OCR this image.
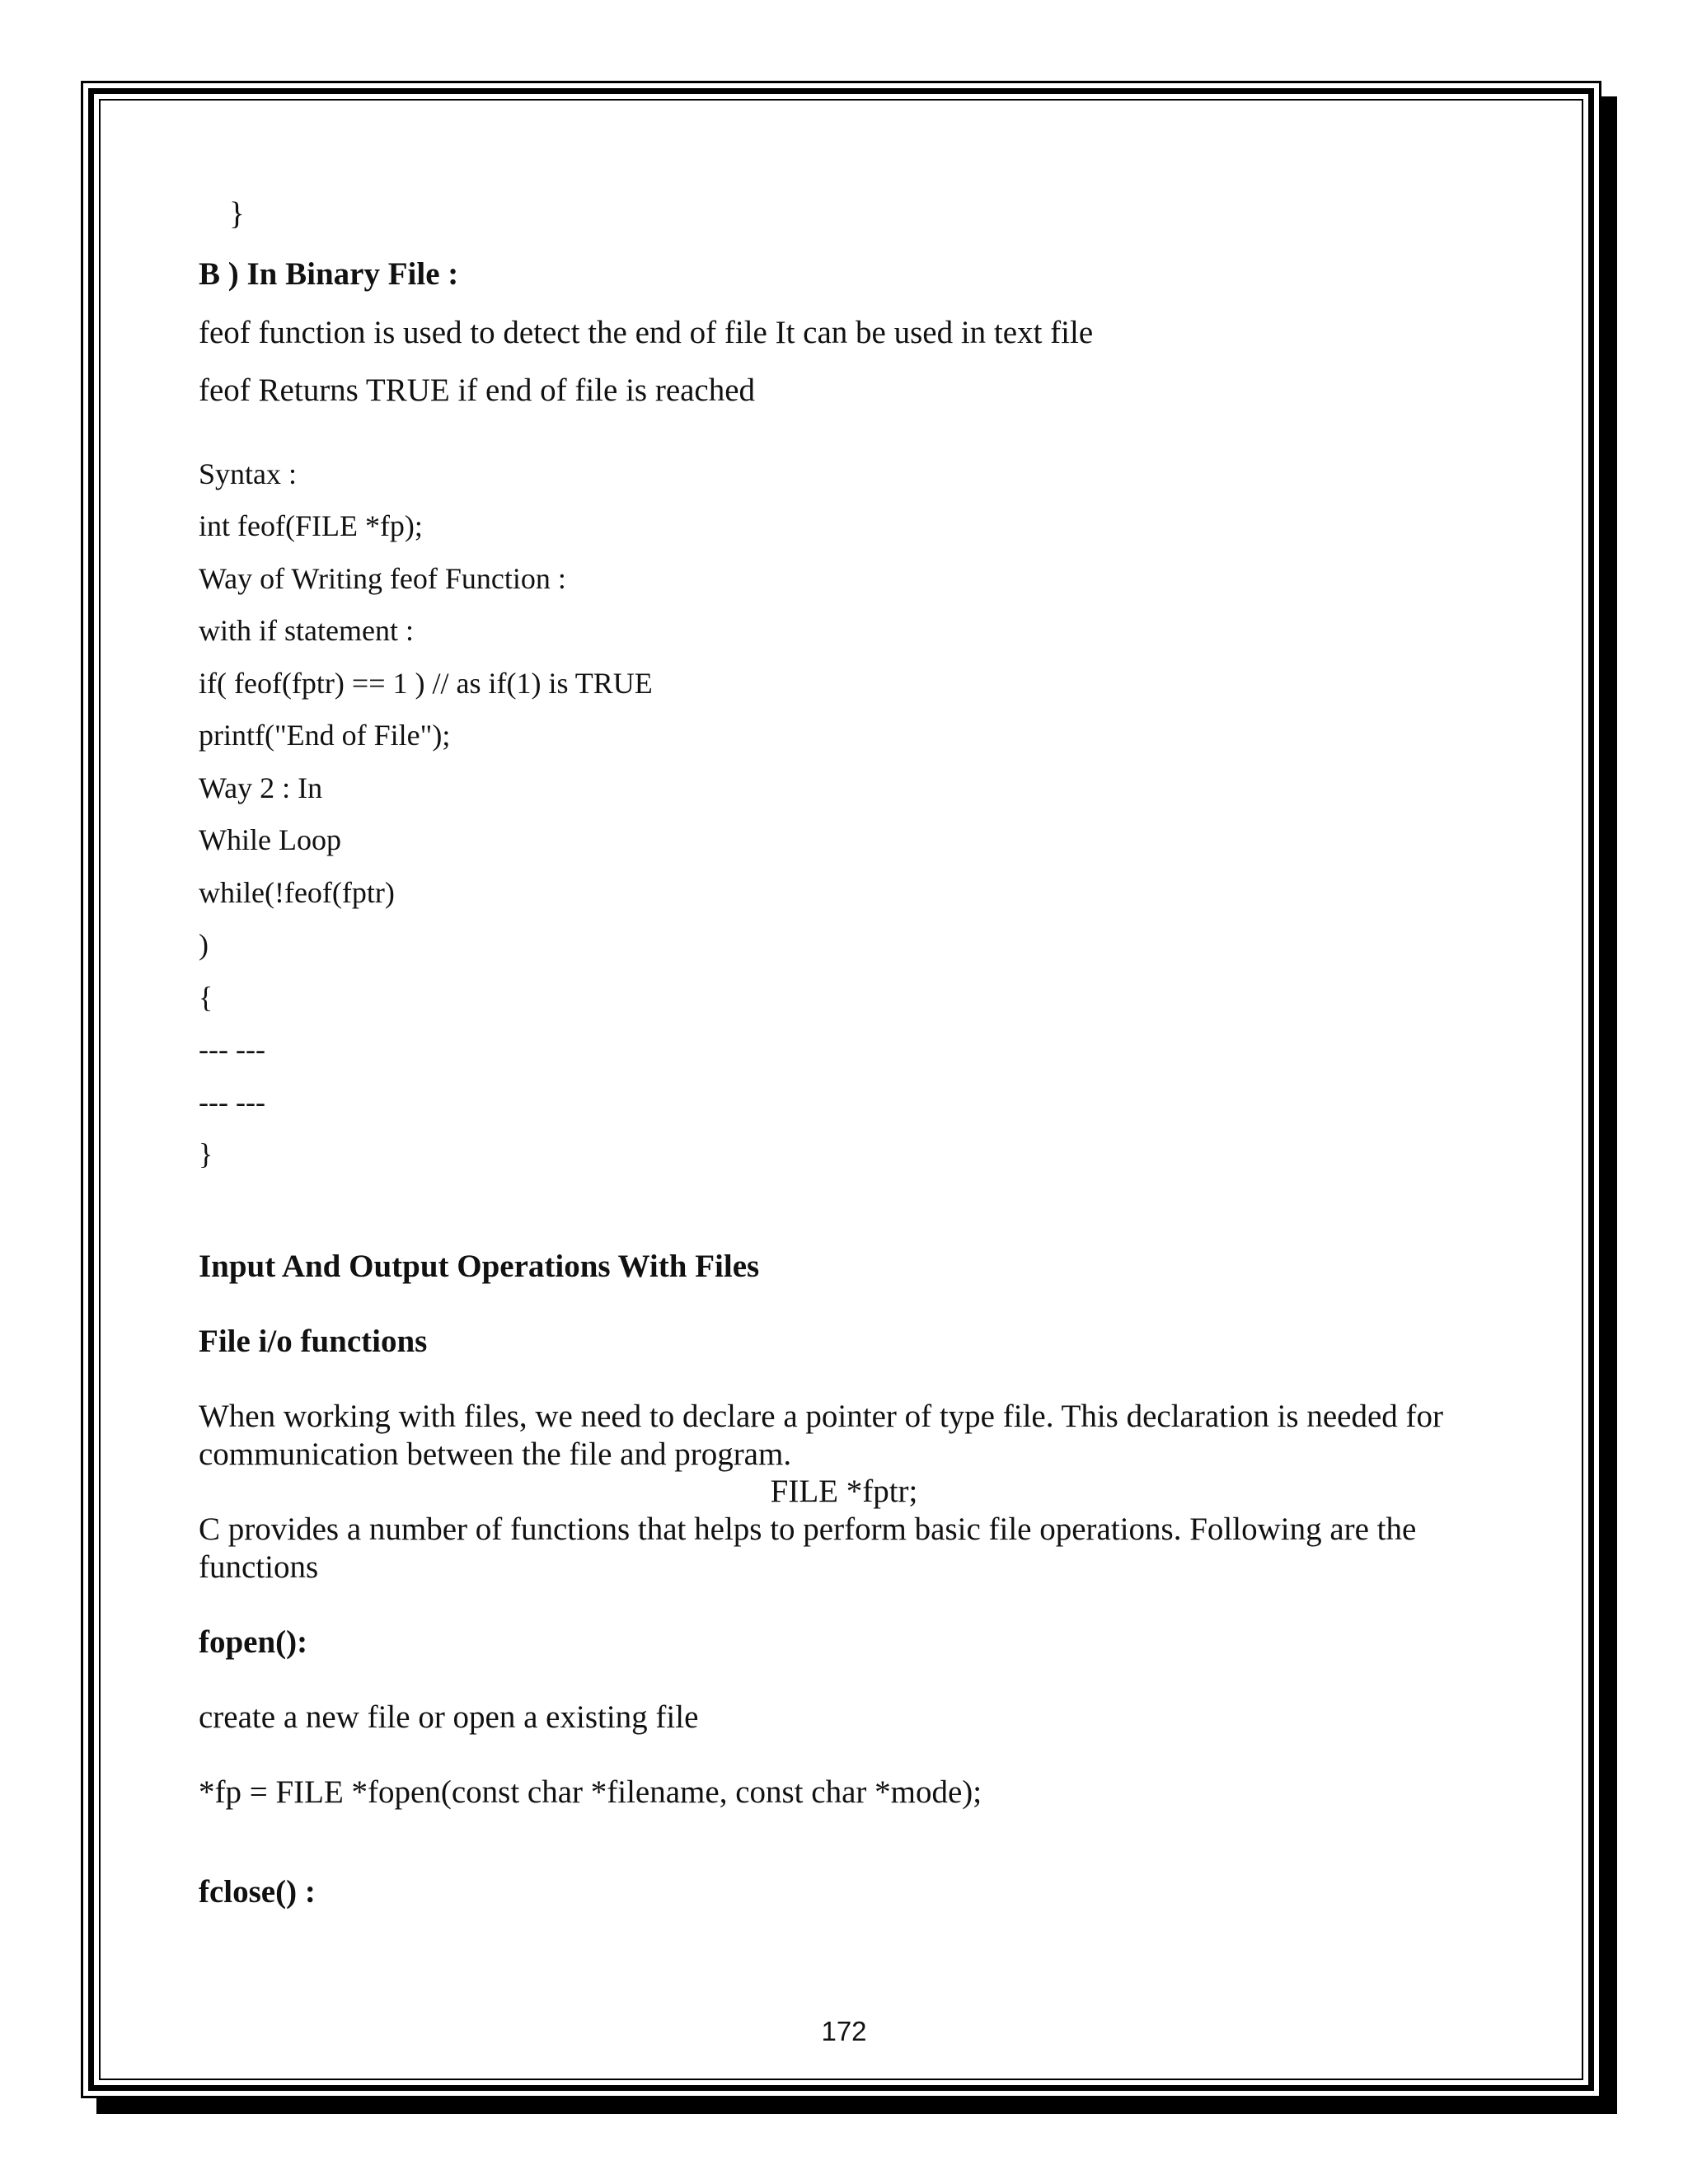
}
B ) In Binary File :
feof function is used to detect the end of file It can be used in text file
feof Returns TRUE if end of file is reached
Syntax :
int feof(FILE *fp);
Way of Writing feof Function :
with if statement :
if( feof(fptr) == 1 ) // as if(1) is TRUE
printf("End of File");
Way 2 : In
While Loop
while(!feof(fptr)
)
{
--- ---
--- ---
}
Input And Output Operations With Files
File i/o functions
When working with files, we need to declare a pointer of type file. This declaration is needed for
communication between the file and program.
FILE *fptr;
C provides a number of functions that helps to perform basic file operations. Following are the
functions
fopen():
create a new file or open a existing file
*fp = FILE *fopen(const char *filename, const char *mode);
fclose() :
172
